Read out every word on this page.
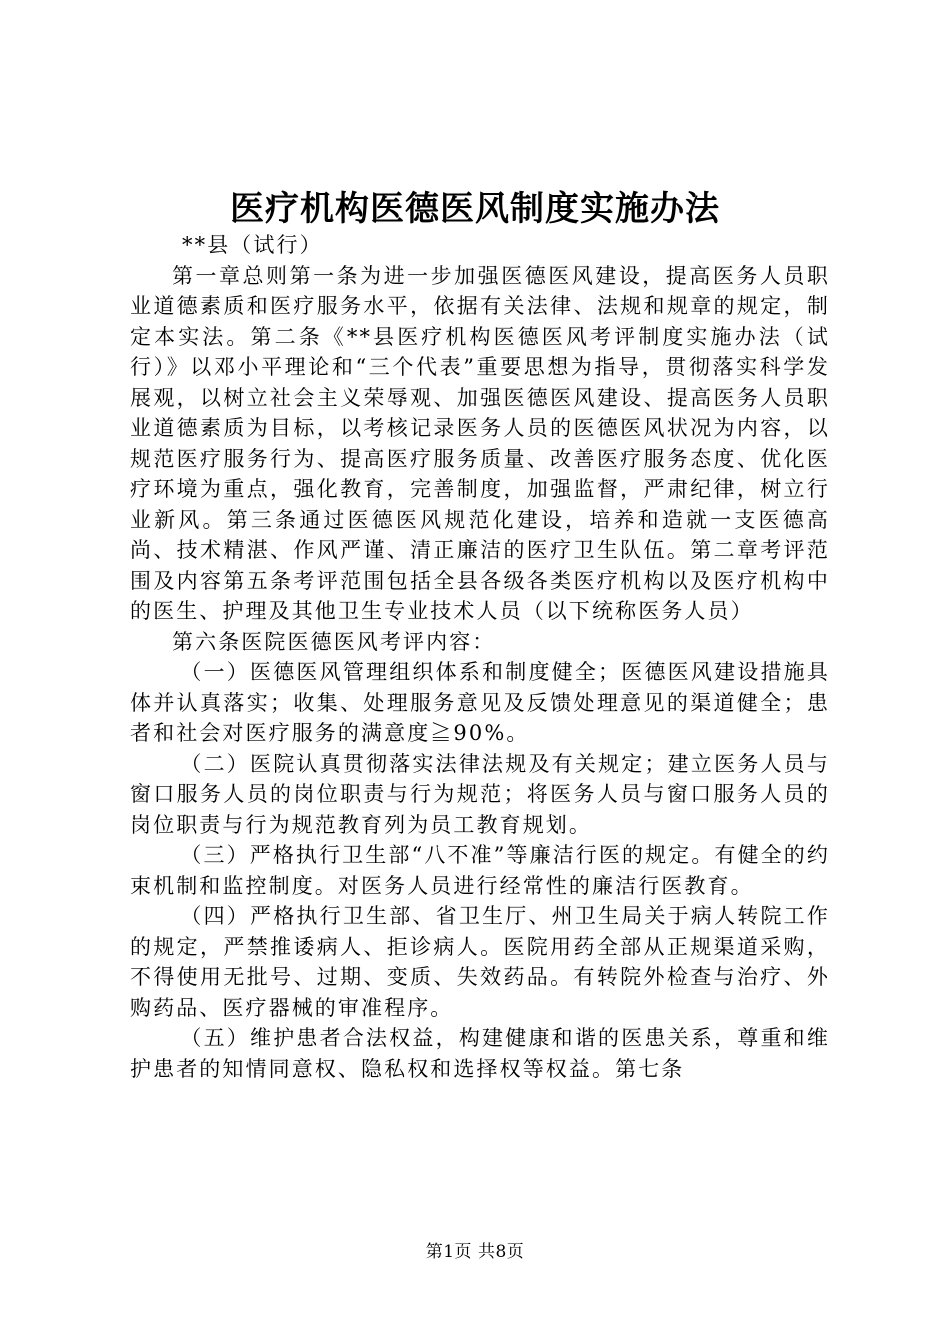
医疗机构医德医风制度实施办法

**县（试行）

第一章总则第一条为进一步加强医德医风建设，提高医务人员职业道德素质和医疗服务水平，依据有关法律、法规和规章的规定，制定本实法。第二条《**县医疗机构医德医风考评制度实施办法（试行）》以邓小平理论和“三个代表”重要思想为指导，贯彻落实科学发展观，以树立社会主义荣辱观、加强医德医风建设、提高医务人员职业道德素质为目标，以考核记录医务人员的医德医风状况为内容，以规范医疗服务行为、提高医疗服务质量、改善医疗服务态度、优化医疗环境为重点，强化教育，完善制度，加强监督，严肃纪律，树立行业新风。第三条通过医德医风规范化建设，培养和造就一支医德高尚、技术精湛、作风严谨、清正廉洁的医疗卫生队伍。第二章考评范围及内容第五条考评范围包括全县各级各类医疗机构以及医疗机构中的医生、护理及其他卫生专业技术人员（以下统称医务人员）

第六条医院医德医风考评内容：

（一）医德医风管理组织体系和制度健全；医德医风建设措施具体并认真落实；收集、处理服务意见及反馈处理意见的渠道健全；患者和社会对医疗服务的满意度≧90%。

（二）医院认真贯彻落实法律法规及有关规定；建立医务人员与窗口服务人员的岗位职责与行为规范；将医务人员与窗口服务人员的岗位职责与行为规范教育列为员工教育规划。

（三）严格执行卫生部“八不准”等廉洁行医的规定。有健全的约束机制和监控制度。对医务人员进行经常性的廉洁行医教育。

（四）严格执行卫生部、省卫生厅、州卫生局关于病人转院工作的规定，严禁推诿病人、拒诊病人。医院用药全部从正规渠道采购，不得使用无批号、过期、变质、失效药品。有转院外检查与治疗、外购药品、医疗器械的审准程序。

（五）维护患者合法权益，构建健康和谐的医患关系，尊重和维护患者的知情同意权、隐私权和选择权等权益。第七条

第1页 共8页
